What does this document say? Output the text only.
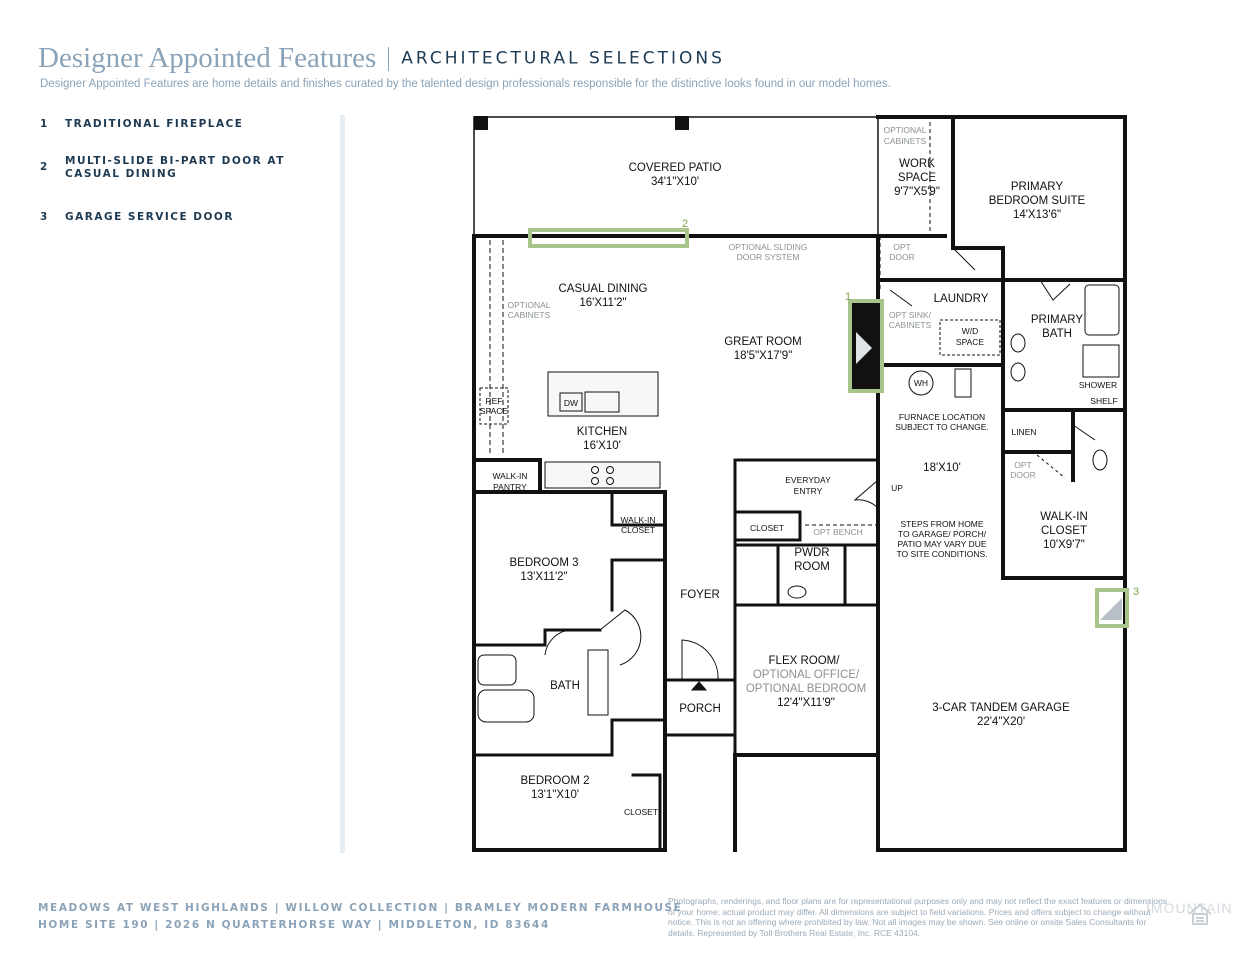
Designer Appointed Features ARCHITECTURAL SELECTIONS
Designer Appointed Features are home details and finishes curated by the talented design professionals responsible for the distinctive looks found in our model homes.
1	TRADITIONAL FIREPLACE
2	MULTI-SLIDE BI-PART DOOR AT
CASUAL DINING
3	GARAGE SERVICE DOOR
1
2
3
COVERED PATIO
34'1"X10'
WORK
SPACE
9'7"X5'9"	PRIMARY
BEDROOM SUITE
14'X13'6"
CASUAL DINING
16'X11'2"	LAUNDRY
PRIMARY
BATH
GREAT ROOM
18'5"X17'9"
KITCHEN
16'X10'
18'X10'
WALK-IN
CLOSET
10'X9'7"
BEDROOM 3
13'X11'2"
PWDR
ROOM
FOYER
FLEX ROOM/
OPTIONAL OFFICE/
OPTIONAL BEDROOM
12'4"X11'9"
BATH
PORCH	3-CAR TANDEM GARAGE
22'4"X20'
BEDROOM 2
13'1"X10'
OPTIONAL
CABINETS
OPTIONAL SLIDING
DOOR SYSTEM
OPT
DOOR
OPTIONAL
CABINETS	OPT SINK/
CABINETS
W/D
SPACE
REF
SPACE
DW
WH
FURNACE LOCATION
SUBJECT TO CHANGE.
SHOWER
SHELF
LINEN
OPT
DOOR
WALK-IN
PANTRY
EVERYDAY
ENTRY	UP
CLOSET	OPT BENCH
STEPS FROM HOME
TO GARAGE/ PORCH/
PATIO MAY VARY DUE
TO SITE CONDITIONS.
WALK-IN
CLOSET
CLOSET
MEADOWS AT WEST HIGHLANDS | WILLOW COLLECTION | BRAMLEY MODERN FARMHOUSE
HOME SITE 190 | 2026 N QUARTERHORSE WAY | MIDDLETON, ID 83644
Photographs, renderings, and floor plans are for representational purposes only and may not reflect the exact features or dimensions of your home; actual product may differ. All dimensions are subject to field variations. Prices and offers subject to change without notice. This is not an offering where prohibited by law. Not all images may be shown. See online or onsite Sales Consultants for details. Represented by Toll Brothers Real Estate, Inc. RCE 43104.
IMOUNTAIN
